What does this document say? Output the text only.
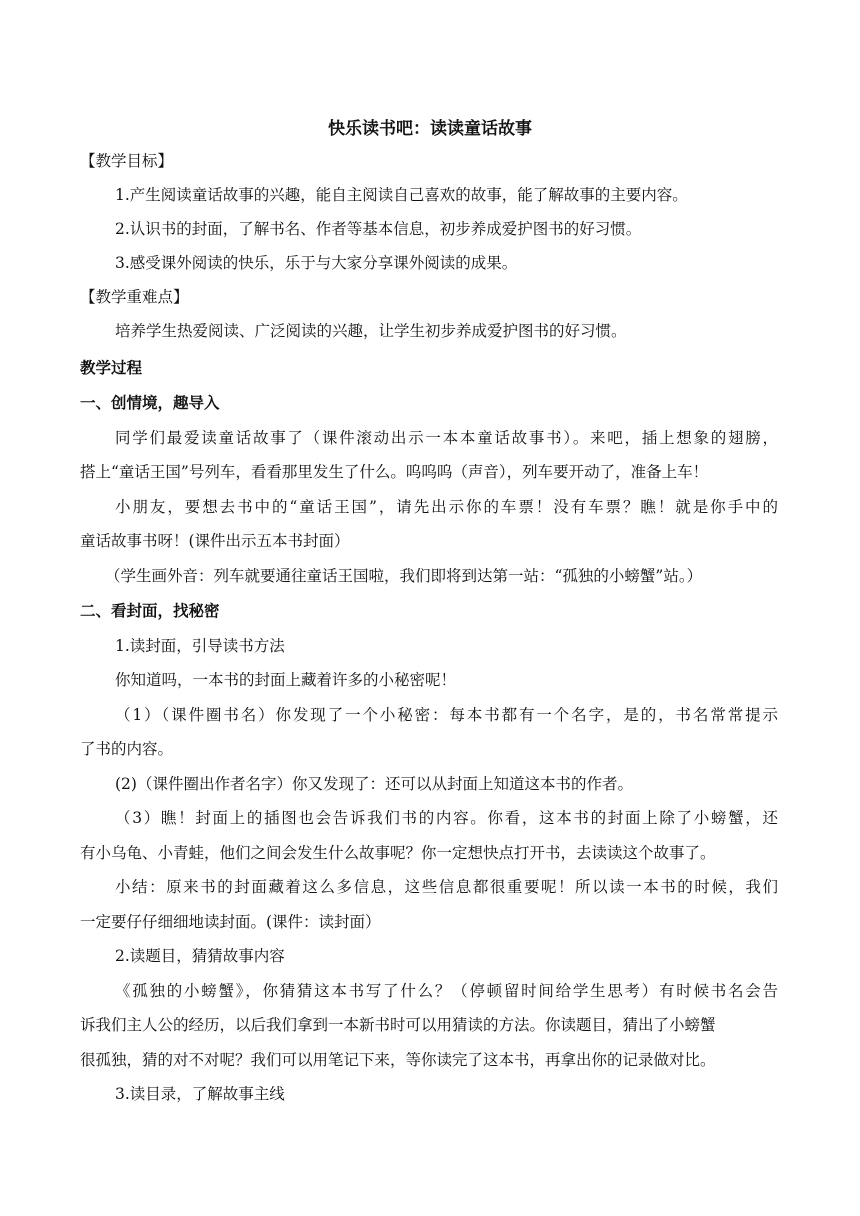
快乐读书吧：读读童话故事
【教学目标】
1.产生阅读童话故事的兴趣，能自主阅读自己喜欢的故事，能了解故事的主要内容。
2.认识书的封面，了解书名、作者等基本信息，初步养成爱护图书的好习惯。
3.感受课外阅读的快乐，乐于与大家分享课外阅读的成果。
【教学重难点】
培养学生热爱阅读、广泛阅读的兴趣，让学生初步养成爱护图书的好习惯。
教学过程
一、创情境，趣导入
同学们最爱读童话故事了（课件滚动出示一本本童话故事书）。来吧，插上想象的翅膀，
搭上“童话王国”号列车，看看那里发生了什么。呜呜呜（声音），列车要开动了，准备上车！
小朋友，要想去书中的“童话王国”，请先出示你的车票！没有车票？瞧！就是你手中的
童话故事书呀！(课件出示五本书封面）
（学生画外音：列车就要通往童话王国啦，我们即将到达第一站：“孤独的小螃蟹”站。）
二、看封面，找秘密
1.读封面，引导读书方法
你知道吗，一本书的封面上藏着许多的小秘密呢！
（1）（课件圈书名）你发现了一个小秘密：每本书都有一个名字，是的，书名常常提示
了书的内容。
(2)（课件圈出作者名字）你又发现了：还可以从封面上知道这本书的作者。
（3）瞧！封面上的插图也会告诉我们书的内容。你看，这本书的封面上除了小螃蟹，还
有小乌龟、小青蛙，他们之间会发生什么故事呢？你一定想快点打开书，去读读这个故事了。
小结：原来书的封面藏着这么多信息，这些信息都很重要呢！所以读一本书的时候，我们
一定要仔仔细细地读封面。(课件：读封面）
2.读题目，猜猜故事内容
《孤独的小螃蟹》，你猜猜这本书写了什么？（停顿留时间给学生思考）有时候书名会告
诉我们主人公的经历，以后我们拿到一本新书时可以用猜读的方法。你读题目，猜出了小螃蟹
很孤独，猜的对不对呢？我们可以用笔记下来，等你读完了这本书，再拿出你的记录做对比。
3.读目录，了解故事主线
